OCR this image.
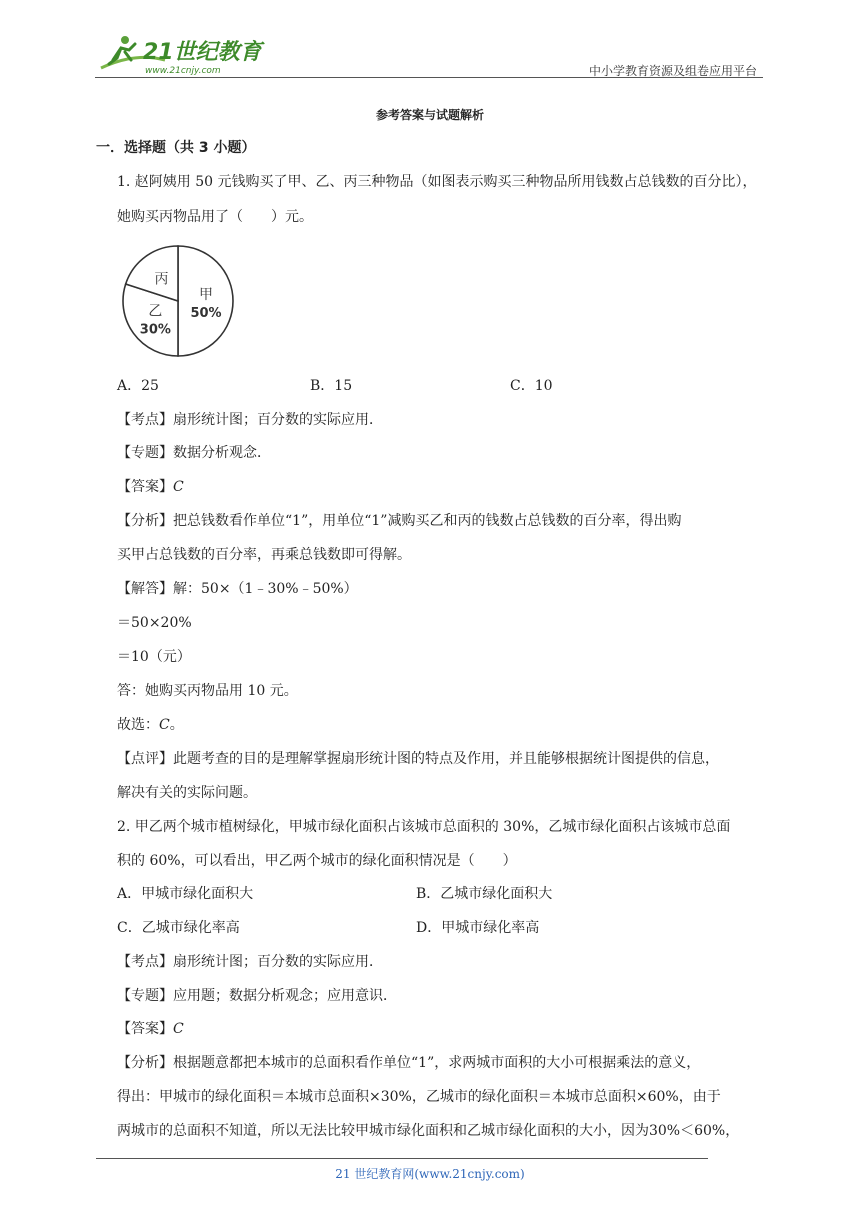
21世纪教育
www.21cnjy.com	中小学教育资源及组卷应用平台
参考答案与试题解析
一．选择题（共 3 小题）
1. 赵阿姨用 50 元钱购买了甲、乙、丙三种物品（如图表示购买三种物品所用钱数占总钱数的百分比），
她购买丙物品用了（　　）元。
甲
50%
乙
30%
丙
A．25	B．15	C．10
【考点】扇形统计图；百分数的实际应用．
【专题】数据分析观念．
【答案】C
【分析】把总钱数看作单位“1”，用单位“1”减购买乙和丙的钱数占总钱数的百分率，得出购
买甲占总钱数的百分率，再乘总钱数即可得解。
【解答】解：50×（1﹣30%﹣50%）
＝50×20%
＝10（元）
答：她购买丙物品用 10 元。
故选：C。
【点评】此题考查的目的是理解掌握扇形统计图的特点及作用，并且能够根据统计图提供的信息，
解决有关的实际问题。
2. 甲乙两个城市植树绿化，甲城市绿化面积占该城市总面积的 30%，乙城市绿化面积占该城市总面
积的 60%，可以看出，甲乙两个城市的绿化面积情况是（　　）
A．甲城市绿化面积大	B．乙城市绿化面积大
C．乙城市绿化率高	D．甲城市绿化率高
【考点】扇形统计图；百分数的实际应用．
【专题】应用题；数据分析观念；应用意识．
【答案】C
【分析】根据题意都把本城市的总面积看作单位“1”，求两城市面积的大小可根据乘法的意义，
得出：甲城市的绿化面积＝本城市总面积×30%，乙城市的绿化面积＝本城市总面积×60%，由于
两城市的总面积不知道，所以无法比较甲城市绿化面积和乙城市绿化面积的大小，因为30%＜60%，
21 世纪教育网(www.21cnjy.com)
